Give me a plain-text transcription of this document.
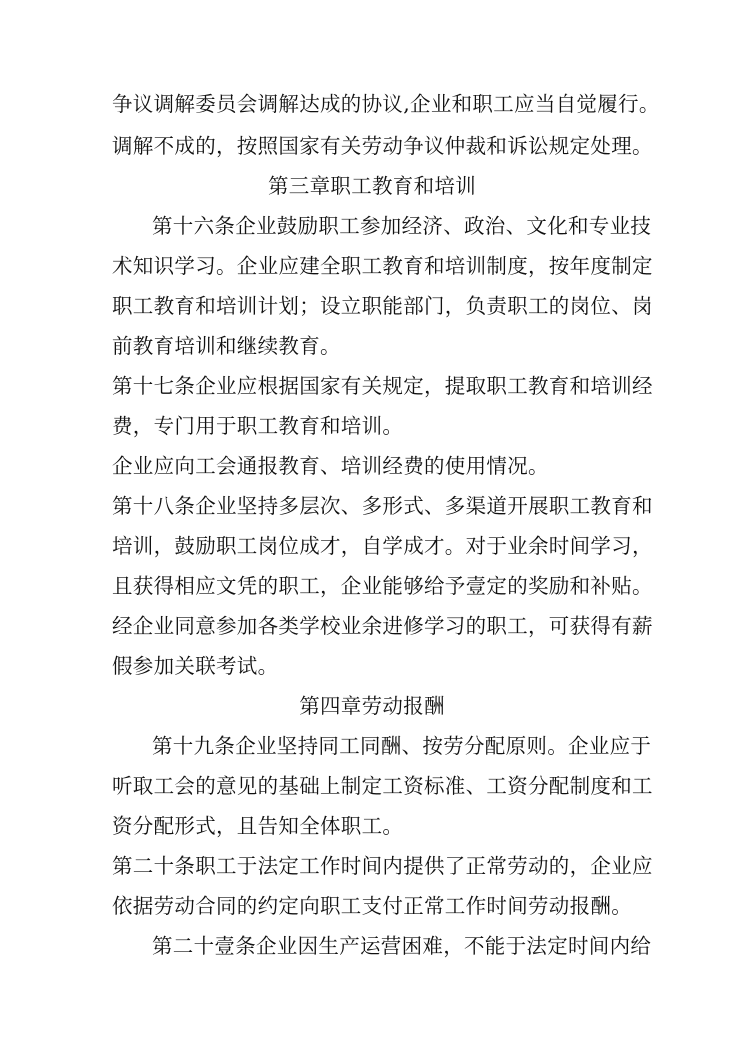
争议调解委员会调解达成的协议,企业和职工应当自觉履行。
调解不成的，按照国家有关劳动争议仲裁和诉讼规定处理。
第三章职工教育和培训
第十六条企业鼓励职工参加经济、政治、文化和专业技
术知识学习。企业应建全职工教育和培训制度，按年度制定
职工教育和培训计划；设立职能部门，负责职工的岗位、岗
前教育培训和继续教育。
第十七条企业应根据国家有关规定，提取职工教育和培训经
费，专门用于职工教育和培训。
企业应向工会通报教育、培训经费的使用情况。
第十八条企业坚持多层次、多形式、多渠道开展职工教育和
培训，鼓励职工岗位成才，自学成才。对于业余时间学习，
且获得相应文凭的职工，企业能够给予壹定的奖励和补贴。
经企业同意参加各类学校业余进修学习的职工，可获得有薪
假参加关联考试。
第四章劳动报酬
第十九条企业坚持同工同酬、按劳分配原则。企业应于
听取工会的意见的基础上制定工资标准、工资分配制度和工
资分配形式，且告知全体职工。
第二十条职工于法定工作时间内提供了正常劳动的，企业应
依据劳动合同的约定向职工支付正常工作时间劳动报酬。
第二十壹条企业因生产运营困难，不能于法定时间内给
